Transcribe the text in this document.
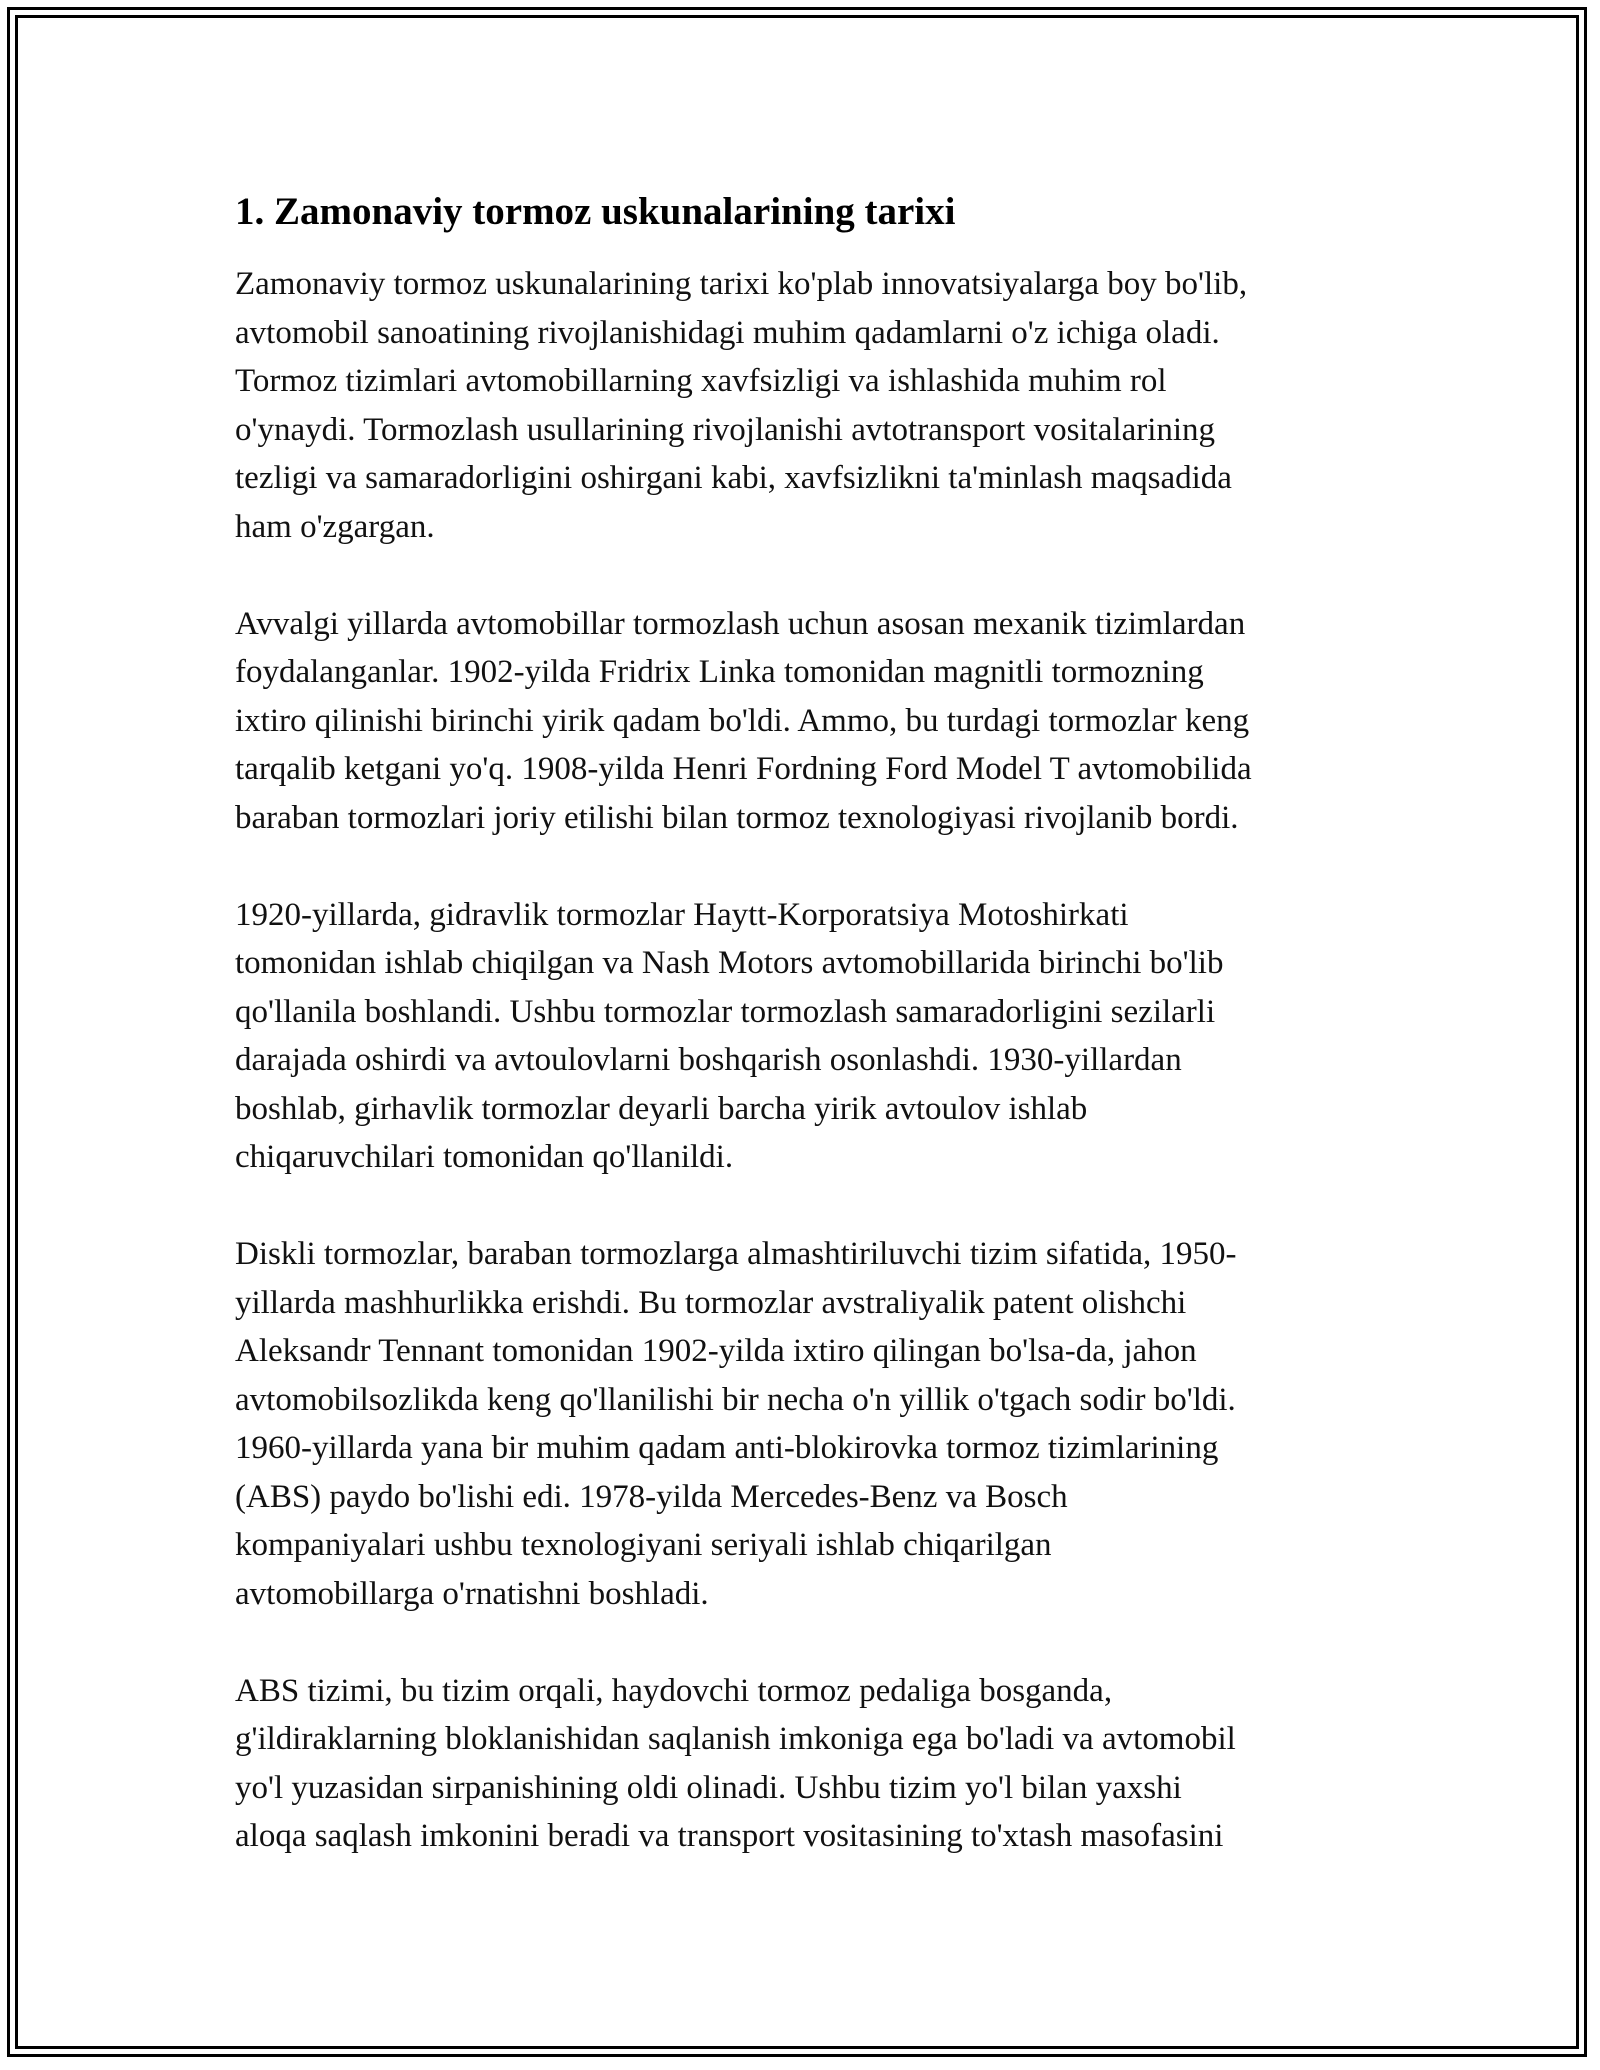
1. Zamonaviy tormoz uskunalarining tarixi

Zamonaviy tormoz uskunalarining tarixi ko'plab innovatsiyalarga boy bo'lib,
avtomobil sanoatining rivojlanishidagi muhim qadamlarni o'z ichiga oladi.
Tormoz tizimlari avtomobillarning xavfsizligi va ishlashida muhim rol
o'ynaydi. Tormozlash usullarining rivojlanishi avtotransport vositalarining
tezligi va samaradorligini oshirgani kabi, xavfsizlikni ta'minlash maqsadida
ham o'zgargan.

Avvalgi yillarda avtomobillar tormozlash uchun asosan mexanik tizimlardan
foydalanganlar. 1902-yilda Fridrix Linka tomonidan magnitli tormozning
ixtiro qilinishi birinchi yirik qadam bo'ldi. Ammo, bu turdagi tormozlar keng
tarqalib ketgani yo'q. 1908-yilda Henri Fordning Ford Model T avtomobilida
baraban tormozlari joriy etilishi bilan tormoz texnologiyasi rivojlanib bordi.

1920-yillarda, gidravlik tormozlar Haytt-Korporatsiya Motoshirkati
tomonidan ishlab chiqilgan va Nash Motors avtomobillarida birinchi bo'lib
qo'llanila boshlandi. Ushbu tormozlar tormozlash samaradorligini sezilarli
darajada oshirdi va avtoulovlarni boshqarish osonlashdi. 1930-yillardan
boshlab, girhavlik tormozlar deyarli barcha yirik avtoulov ishlab
chiqaruvchilari tomonidan qo'llanildi.

Diskli tormozlar, baraban tormozlarga almashtiriluvchi tizim sifatida, 1950-
yillarda mashhurlikka erishdi. Bu tormozlar avstraliyalik patent olishchi
Aleksandr Tennant tomonidan 1902-yilda ixtiro qilingan bo'lsa-da, jahon
avtomobilsozlikda keng qo'llanilishi bir necha o'n yillik o'tgach sodir bo'ldi.
1960-yillarda yana bir muhim qadam anti-blokirovka tormoz tizimlarining
(ABS) paydo bo'lishi edi. 1978-yilda Mercedes-Benz va Bosch
kompaniyalari ushbu texnologiyani seriyali ishlab chiqarilgan
avtomobillarga o'rnatishni boshladi.

ABS tizimi, bu tizim orqali, haydovchi tormoz pedaliga bosganda,
g'ildiraklarning bloklanishidan saqlanish imkoniga ega bo'ladi va avtomobil
yo'l yuzasidan sirpanishining oldi olinadi. Ushbu tizim yo'l bilan yaxshi
aloqa saqlash imkonini beradi va transport vositasining to'xtash masofasini
